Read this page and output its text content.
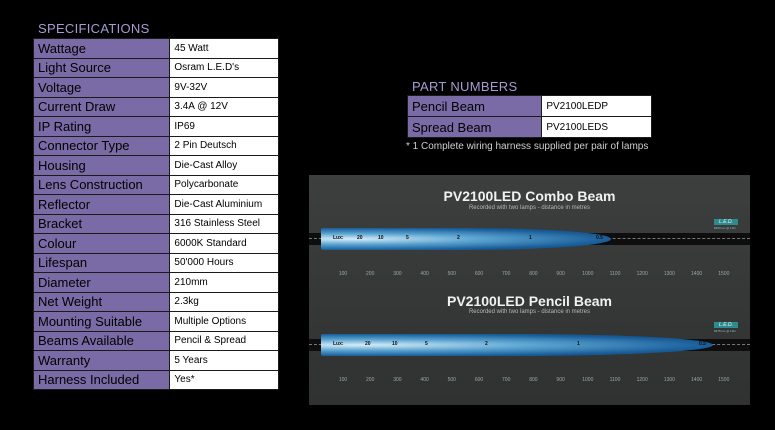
SPECIFICATIONS
Wattage	45 Watt
Light Source	Osram L.E.D's
Voltage	9V-32V
Current Draw	3.4A @ 12V
IP Rating	IP69
Connector Type	2 Pin Deutsch
Housing	Die-Cast Alloy
Lens Construction	Polycarbonate
Reflector	Die-Cast Aluminium
Bracket	316 Stainless Steel
Colour	6000K Standard
Lifespan	50'000 Hours
Diameter	210mm
Net Weight	2.3kg
Mounting Suitable	Multiple Options
Beams Available	Pencil & Spread
Warranty	5 Years
Harness Included	Yes*
PART NUMBERS
Pencil Beam	PV2100LEDP
Spread Beam	PV2100LEDS
* 1 Complete wiring harness supplied per pair of lamps
PV2100LED Combo Beam
Recorded with two lamps - distance in metres
L.E.D.
8460 lux @ 10m
Lux:	20	10	5	2	1	0.5
100	200	300	400	500	600	700	800	900	1000	1100	1200	1300	1400	1500
PV2100LED Pencil Beam
Recorded with two lamps - distance in metres
L.E.D.
8275 lux @ 10m
Lux:	20	10	5	2	1	0.5
100	200	300	400	500	600	700	800	900	1000	1100	1200	1300	1400	1500
